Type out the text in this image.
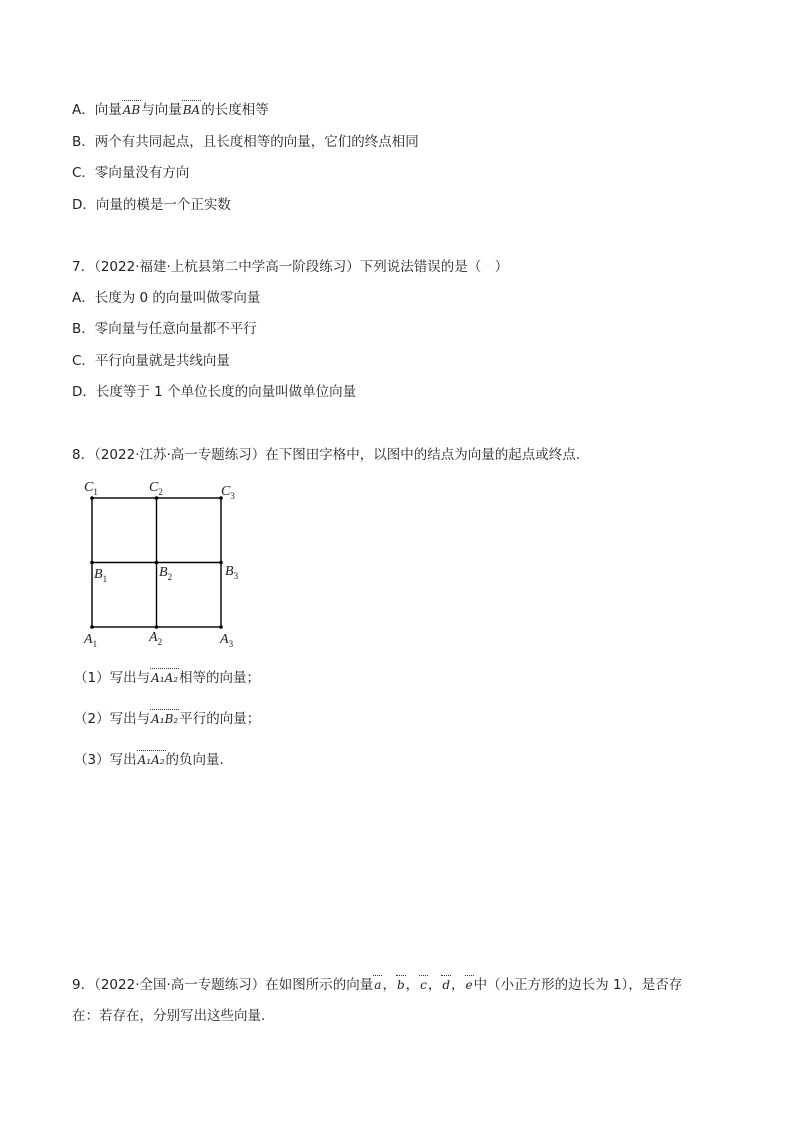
A．向量AB与向量BA的长度相等
B．两个有共同起点，且长度相等的向量，它们的终点相同
C．零向量没有方向
D．向量的模是一个正实数
7．（2022·福建·上杭县第二中学高一阶段练习）下列说法错误的是（　）
A．长度为 0 的向量叫做零向量
B．零向量与任意向量都不平行
C．平行向量就是共线向量
D．长度等于 1 个单位长度的向量叫做单位向量
8．（2022·江苏·高一专题练习）在下图田字格中，以图中的结点为向量的起点或终点.
$C_1$	$C_2$	$C_3$
$B_1$	$B_2$	$B_3$
$A_1$	$A_2$	$A_3$
（1）写出与A₁A₂相等的向量；
（2）写出与A₁B₂平行的向量；
（3）写出A₁A₂的负向量.
9．（2022·全国·高一专题练习）在如图所示的向量a，b，c，d，e中（小正方形的边长为 1），是否存
在：若存在，分别写出这些向量.
